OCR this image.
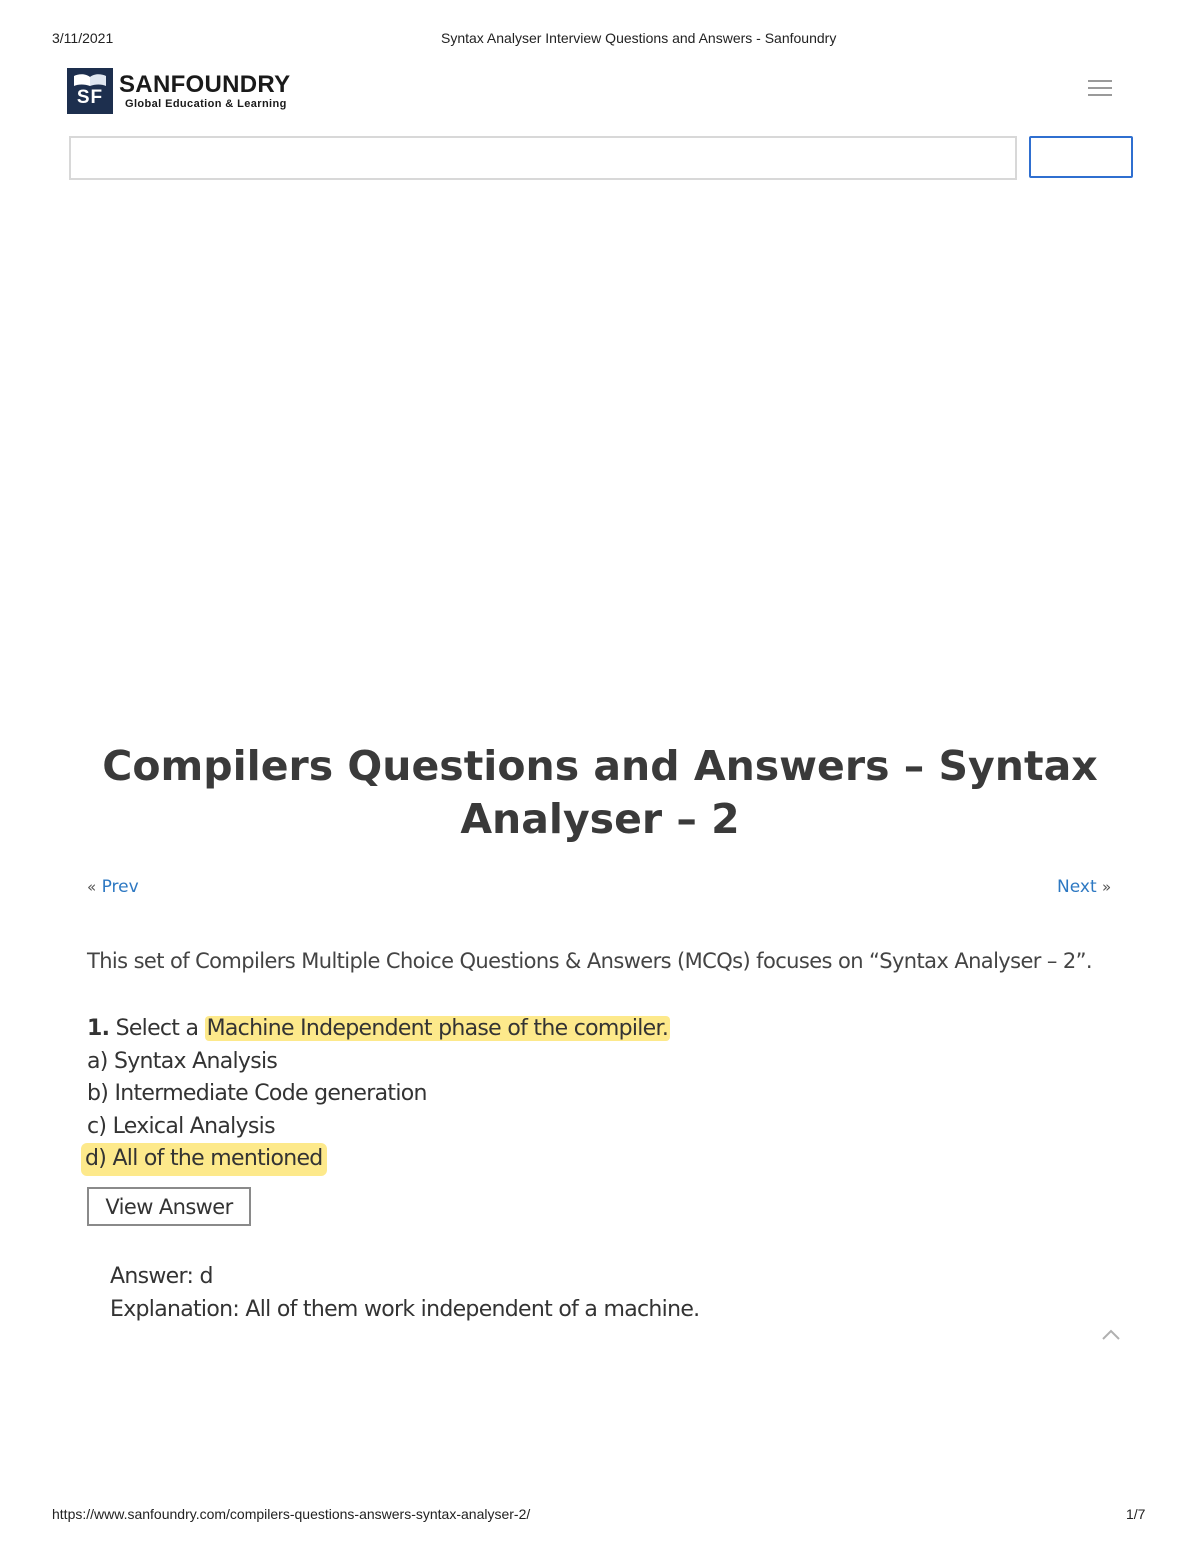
3/11/2021	Syntax Analyser Interview Questions and Answers - Sanfoundry
SF SANFOUNDRY
Global Education & Learning
Compilers Questions and Answers – Syntax Analyser – 2
« Prev	Next »

This set of Compilers Multiple Choice Questions & Answers (MCQs) focuses on “Syntax Analyser – 2”.

1. Select a Machine Independent phase of the compiler.
a) Syntax Analysis
b) Intermediate Code generation
c) Lexical Analysis
d) All of the mentioned
View Answer
Answer: d
Explanation: All of them work independent of a machine.
https://www.sanfoundry.com/compilers-questions-answers-syntax-analyser-2/	1/7
